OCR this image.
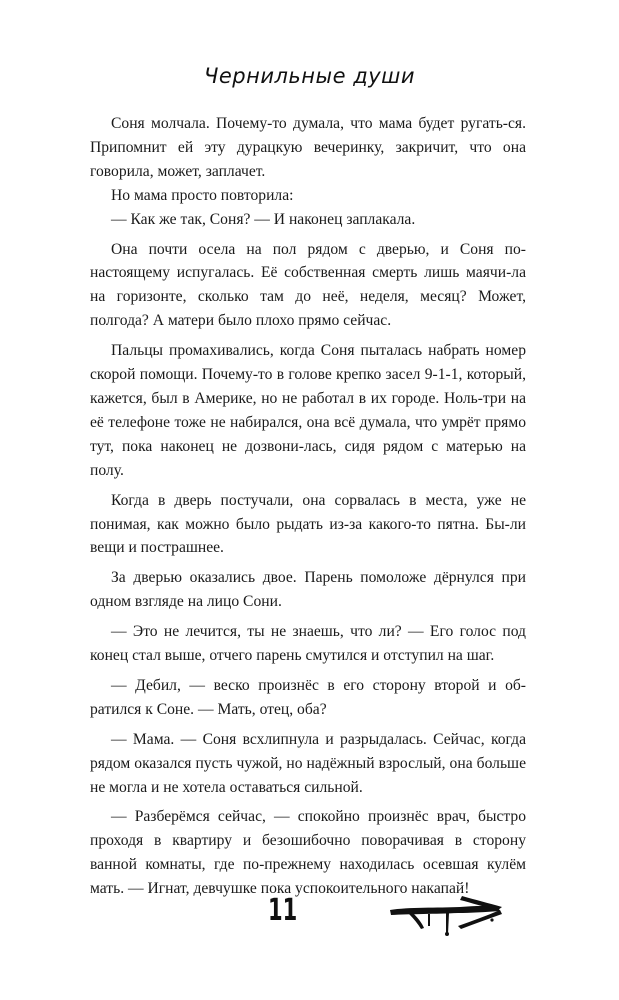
Чернильные души

Соня молчала. Почему-то думала, что мама будет ругать-ся. Припомнит ей эту дурацкую вечеринку, закричит, что она говорила, может, заплачет.

Но мама просто повторила:

— Как же так, Соня? — И наконец заплакала.

Она почти осела на пол рядом с дверью, и Соня по-настоящему испугалась. Её собственная смерть лишь маячи-ла на горизонте, сколько там до неё, неделя, месяц? Может, полгода? А матери было плохо прямо сейчас.

Пальцы промахивались, когда Соня пыталась набрать номер скорой помощи. Почему-то в голове крепко засел 9-1-1, который, кажется, был в Америке, но не работал в их городе. Ноль-три на её телефоне тоже не набирался, она всё думала, что умрёт прямо тут, пока наконец не дозвони-лась, сидя рядом с матерью на полу.

Когда в дверь постучали, она сорвалась в места, уже не понимая, как можно было рыдать из-за какого-то пятна. Бы-ли вещи и пострашнее.

За дверью оказались двое. Парень помоложе дёрнулся при одном взгляде на лицо Сони.

— Это не лечится, ты не знаешь, что ли? — Его голос под конец стал выше, отчего парень смутился и отступил на шаг.

— Дебил, — веско произнёс в его сторону второй и об-ратился к Соне. — Мать, отец, оба?

— Мама. — Соня всхлипнула и разрыдалась. Сейчас, когда рядом оказался пусть чужой, но надёжный взрослый, она больше не могла и не хотела оставаться сильной.

— Разберёмся сейчас, — спокойно произнёс врач, быстро проходя в квартиру и безошибочно поворачивая в сторону ванной комнаты, где по-прежнему находилась осевшая кулём мать. — Игнат, девчушке пока успокоительного накапай!

11
